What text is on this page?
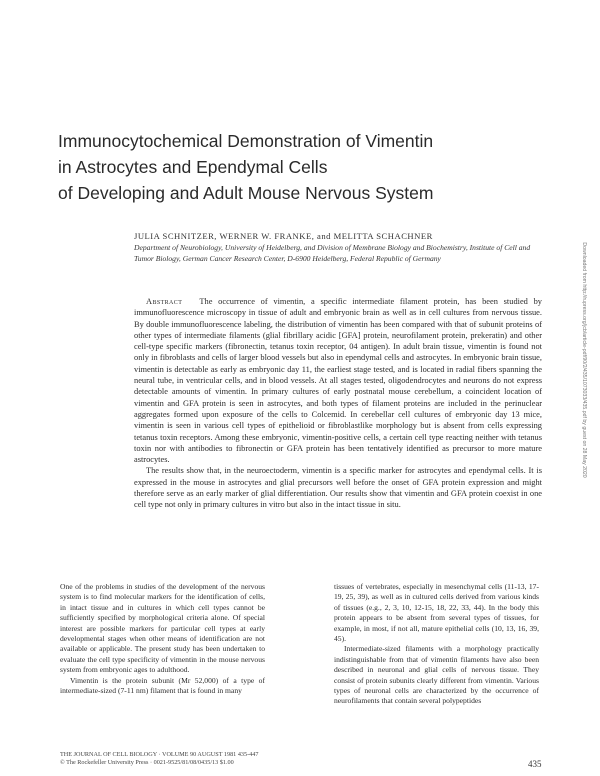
Immunocytochemical Demonstration of Vimentin
in Astrocytes and Ependymal Cells
of Developing and Adult Mouse Nervous System
JULIA SCHNITZER, WERNER W. FRANKE, and MELITTA SCHACHNER
Department of Neurobiology, University of Heidelberg, and Division of Membrane Biology and Biochemistry, Institute of Cell and Tumor Biology, German Cancer Research Center, D-6900 Heidelberg, Federal Republic of Germany

Abstract The occurrence of vimentin, a specific intermediate filament protein, has been studied by immunofluorescence microscopy in tissue of adult and embryonic brain as well as in cell cultures from nervous tissue. By double immunofluorescence labeling, the distribution of vimentin has been compared with that of subunit proteins of other types of intermediate filaments (glial fibrillary acidic [GFA] protein, neurofilament protein, prekeratin) and other cell-type specific markers (fibronectin, tetanus toxin receptor, 04 antigen). In adult brain tissue, vimentin is found not only in fibroblasts and cells of larger blood vessels but also in ependymal cells and astrocytes. In embryonic brain tissue, vimentin is detectable as early as embryonic day 11, the earliest stage tested, and is located in radial fibers spanning the neural tube, in ventricular cells, and in blood vessels. At all stages tested, oligodendrocytes and neurons do not express detectable amounts of vimentin. In primary cultures of early postnatal mouse cerebellum, a coincident location of vimentin and GFA protein is seen in astrocytes, and both types of filament proteins are included in the perinuclear aggregates formed upon exposure of the cells to Colcemid. In cerebellar cell cultures of embryonic day 13 mice, vimentin is seen in various cell types of epithelioid or fibroblastlike morphology but is absent from cells expressing tetanus toxin receptors. Among these embryonic, vimentin-positive cells, a certain cell type reacting neither with tetanus toxin nor with antibodies to fibronectin or GFA protein has been tentatively identified as precursor to more mature astrocytes.

The results show that, in the neuroectoderm, vimentin is a specific marker for astrocytes and ependymal cells. It is expressed in the mouse in astrocytes and glial precursors well before the onset of GFA protein expression and might therefore serve as an early marker of glial differentiation. Our results show that vimentin and GFA protein coexist in one cell type not only in primary cultures in vitro but also in the intact tissue in situ.

One of the problems in studies of the development of the nervous system is to find molecular markers for the identification of cells, in intact tissue and in cultures in which cell types cannot be sufficiently specified by morphological criteria alone. Of special interest are possible markers for particular cell types at early developmental stages when other means of identification are not available or applicable. The present study has been undertaken to evaluate the cell type specificity of vimentin in the mouse nervous system from embryonic ages to adulthood.

Vimentin is the protein subunit (Mr 52,000) of a type of intermediate-sized (7-11 nm) filament that is found in many

tissues of vertebrates, especially in mesenchymal cells (11-13, 17-19, 25, 39), as well as in cultured cells derived from various kinds of tissues (e.g., 2, 3, 10, 12-15, 18, 22, 33, 44). In the body this protein appears to be absent from several types of tissues, for example, in most, if not all, mature epithelial cells (10, 13, 16, 39, 45).

Intermediate-sized filaments with a morphology practically indistinguishable from that of vimentin filaments have also been described in neuronal and glial cells of nervous tissue. They consist of protein subunits clearly different from vimentin. Various types of neuronal cells are characterized by the occurrence of neurofilaments that contain several polypeptides

THE JOURNAL OF CELL BIOLOGY · VOLUME 90 AUGUST 1981 435-447
© The Rockefeller University Press · 0021-9525/81/08/0435/13 $1.00	435
Downloaded from http://rupress.org/jcb/article-pdf/90/2/435/1073033/435.pdf by guest on 28 May 2020
